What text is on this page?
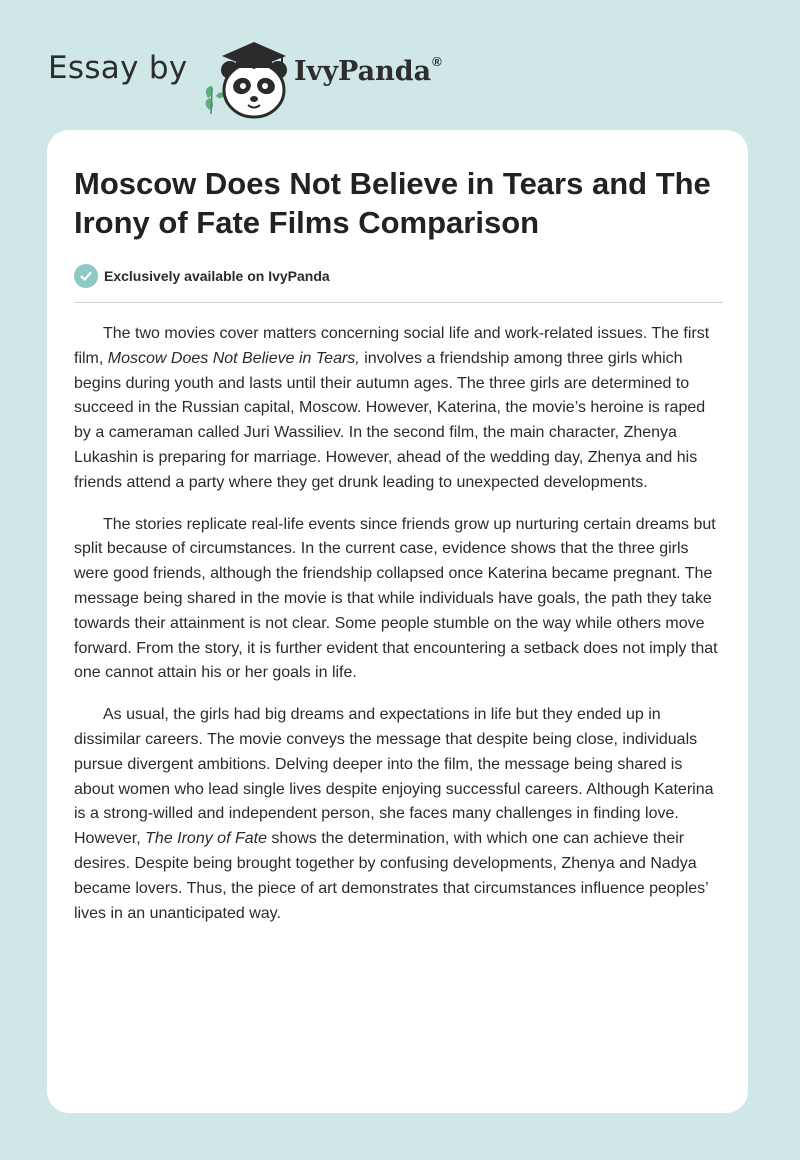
Essay by	IvyPanda®
Moscow Does Not Believe in Tears and The Irony of Fate Films Comparison
Exclusively available on IvyPanda

The two movies cover matters concerning social life and work-related issues. The first film, Moscow Does Not Believe in Tears, involves a friendship among three girls which begins during youth and lasts until their autumn ages. The three girls are determined to succeed in the Russian capital, Moscow. However, Katerina, the movie’s heroine is raped by a cameraman called Juri Wassiliev. In the second film, the main character, Zhenya Lukashin is preparing for marriage. However, ahead of the wedding day, Zhenya and his friends attend a party where they get drunk leading to unexpected developments.

The stories replicate real-life events since friends grow up nurturing certain dreams but split because of circumstances. In the current case, evidence shows that the three girls were good friends, although the friendship collapsed once Katerina became pregnant. The message being shared in the movie is that while individuals have goals, the path they take towards their attainment is not clear. Some people stumble on the way while others move forward. From the story, it is further evident that encountering a setback does not imply that one cannot attain his or her goals in life.

As usual, the girls had big dreams and expectations in life but they ended up in dissimilar careers. The movie conveys the message that despite being close, individuals pursue divergent ambitions. Delving deeper into the film, the message being shared is about women who lead single lives despite enjoying successful careers. Although Katerina is a strong-willed and independent person, she faces many challenges in finding love. However, The Irony of Fate shows the determination, with which one can achieve their desires. Despite being brought together by confusing developments, Zhenya and Nadya became lovers. Thus, the piece of art demonstrates that circumstances influence peoples’ lives in an unanticipated way.
